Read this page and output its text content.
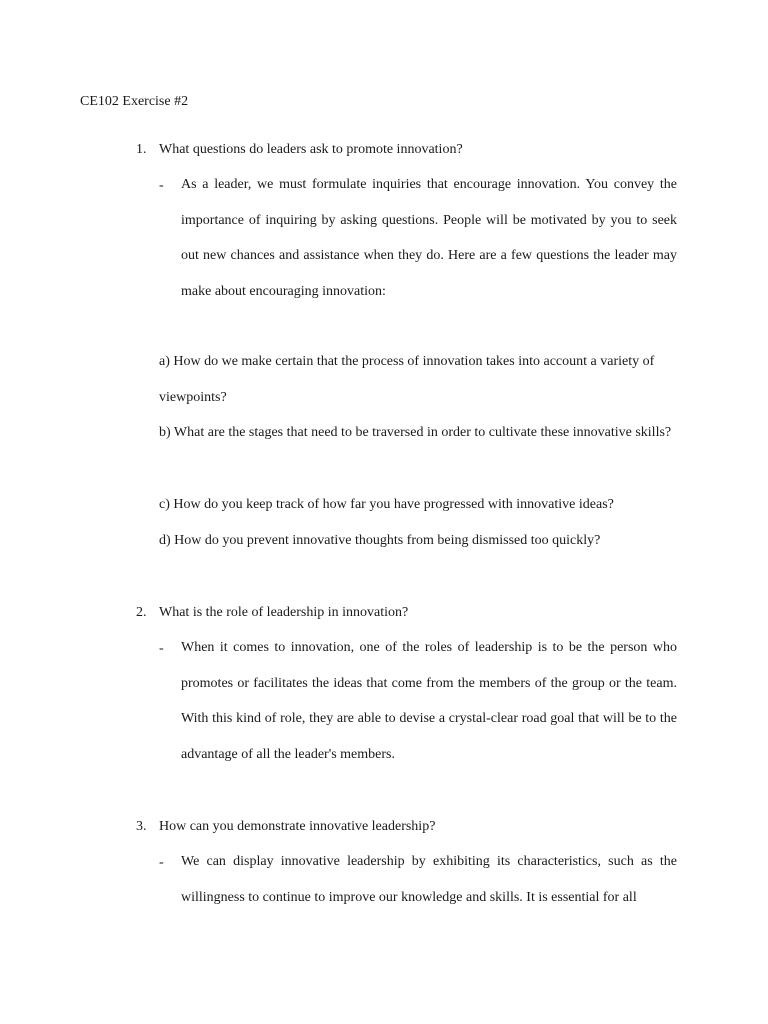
CE102 Exercise #2
1. What questions do leaders ask to promote innovation?
- As a leader, we must formulate inquiries that encourage innovation. You convey the importance of inquiring by asking questions. People will be motivated by you to seek out new chances and assistance when they do. Here are a few questions the leader may make about encouraging innovation:

a) How do we make certain that the process of innovation takes into account a variety of viewpoints?

b) What are the stages that need to be traversed in order to cultivate these innovative skills?

c) How do you keep track of how far you have progressed with innovative ideas?

d) How do you prevent innovative thoughts from being dismissed too quickly?

2. What is the role of leadership in innovation?
- When it comes to innovation, one of the roles of leadership is to be the person who promotes or facilitates the ideas that come from the members of the group or the team. With this kind of role, they are able to devise a crystal-clear road goal that will be to the advantage of all the leader's members.

3. How can you demonstrate innovative leadership?
- We can display innovative leadership by exhibiting its characteristics, such as the willingness to continue to improve our knowledge and skills. It is essential for all
